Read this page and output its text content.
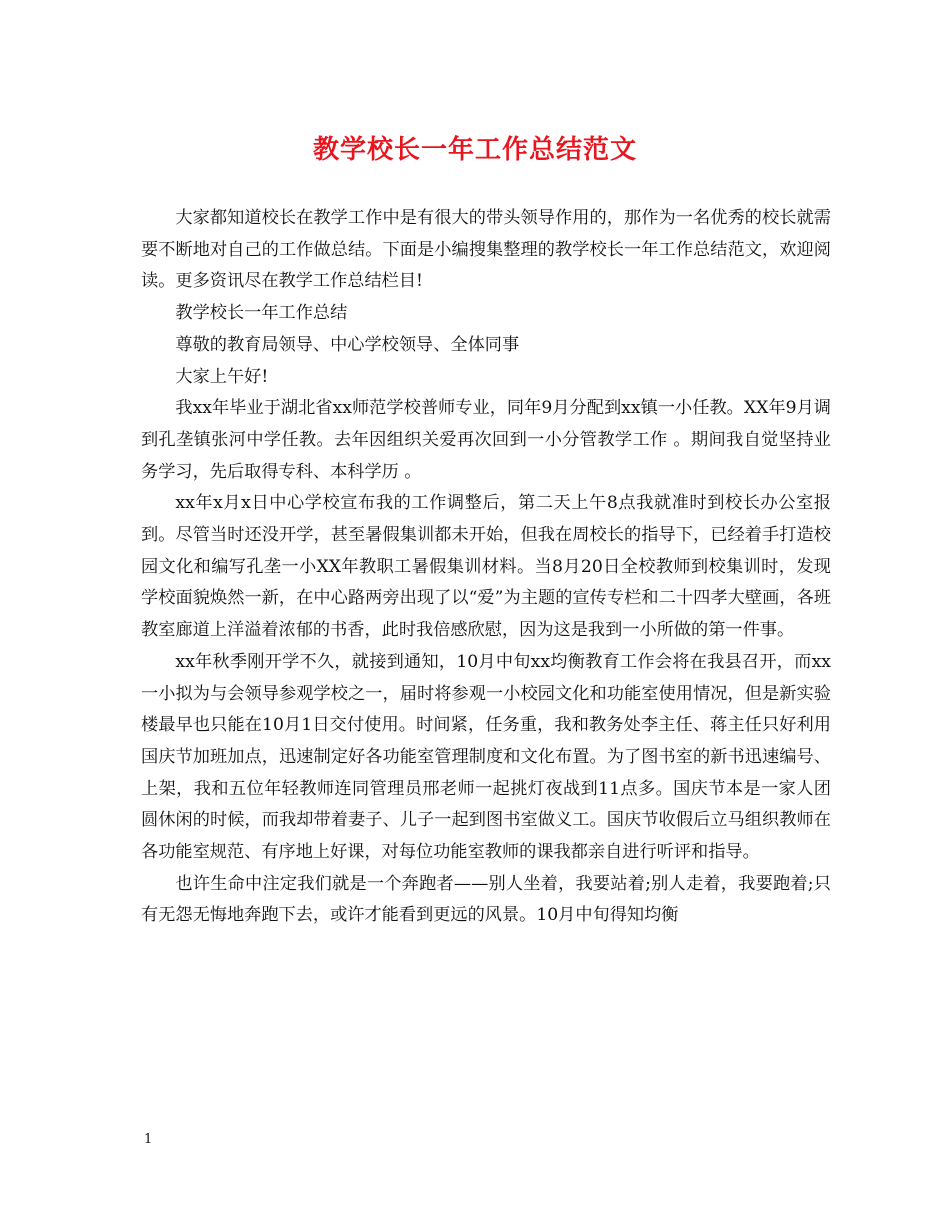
教学校长一年工作总结范文

大家都知道校长在教学工作中是有很大的带头领导作用的，那作为一名优秀的校长就需要不断地对自己的工作做总结。下面是小编搜集整理的教学校长一年工作总结范文，欢迎阅读。更多资讯尽在教学工作总结栏目!

教学校长一年工作总结

尊敬的教育局领导、中心学校领导、全体同事

大家上午好!

我xx年毕业于湖北省xx师范学校普师专业，同年9月分配到xx镇一小任教。XX年9月调到孔垄镇张河中学任教。去年因组织关爱再次回到一小分管教学工作 。期间我自觉坚持业务学习，先后取得专科、本科学历 。

xx年x月x日中心学校宣布我的工作调整后，第二天上午8点我就准时到校长办公室报到。尽管当时还没开学，甚至暑假集训都未开始，但我在周校长的指导下，已经着手打造校园文化和编写孔垄一小XX年教职工暑假集训材料。当8月20日全校教师到校集训时，发现学校面貌焕然一新，在中心路两旁出现了以“爱”为主题的宣传专栏和二十四孝大壁画，各班教室廊道上洋溢着浓郁的书香，此时我倍感欣慰，因为这是我到一小所做的第一件事。

xx年秋季刚开学不久，就接到通知，10月中旬xx均衡教育工作会将在我县召开，而xx一小拟为与会领导参观学校之一，届时将参观一小校园文化和功能室使用情况，但是新实验楼最早也只能在10月1日交付使用。时间紧，任务重，我和教务处李主任、蒋主任只好利用国庆节加班加点，迅速制定好各功能室管理制度和文化布置。为了图书室的新书迅速编号、上架，我和五位年轻教师连同管理员邢老师一起挑灯夜战到11点多。国庆节本是一家人团圆休闲的时候，而我却带着妻子、儿子一起到图书室做义工。国庆节收假后立马组织教师在各功能室规范、有序地上好课，对每位功能室教师的课我都亲自进行听评和指导。

也许生命中注定我们就是一个奔跑者——别人坐着，我要站着;别人走着，我要跑着;只有无怨无悔地奔跑下去，或许才能看到更远的风景。10月中旬得知均衡

1
